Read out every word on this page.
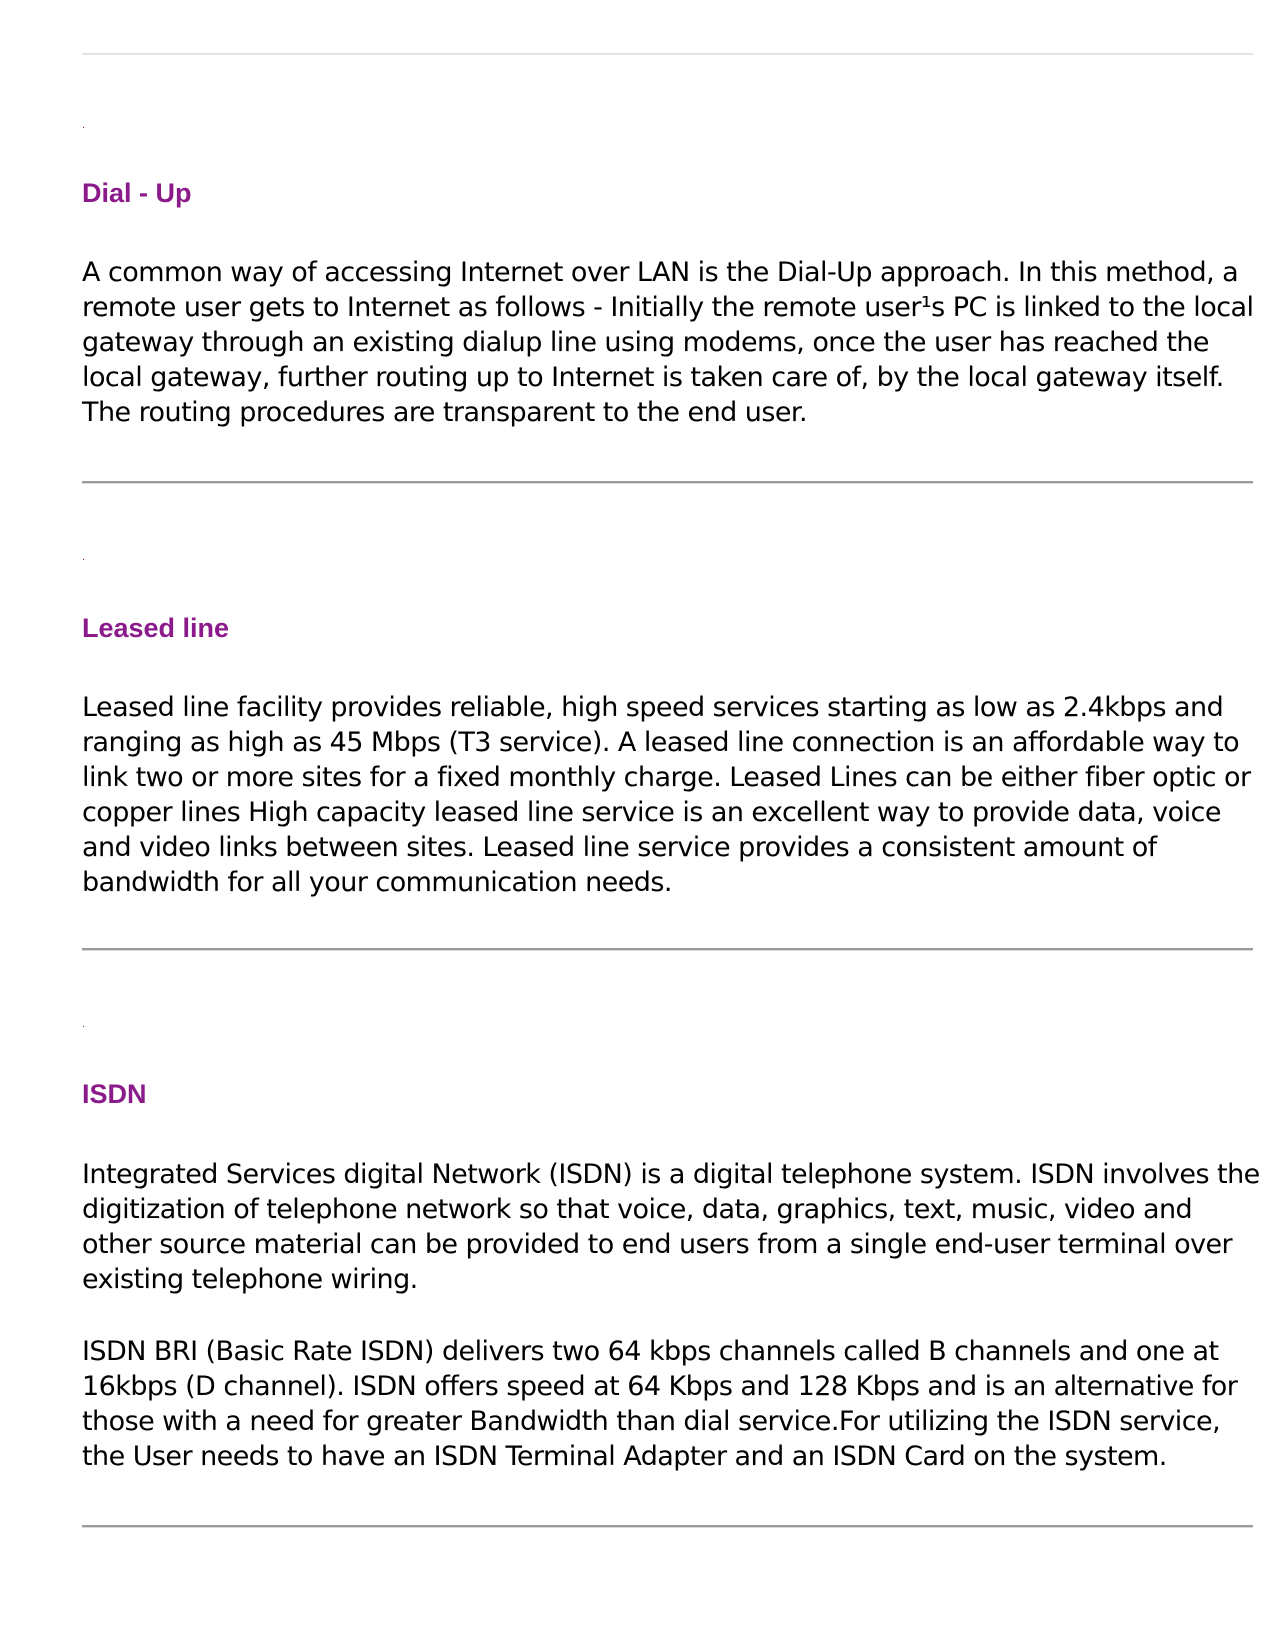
.
Dial - Up

A common way of accessing Internet over LAN is the Dial-Up approach. In this method, a remote user gets to Internet as follows - Initially the remote user¹s PC is linked to the local gateway through an existing dialup line using modems, once the user has reached the local gateway, further routing up to Internet is taken care of, by the local gateway itself. The routing procedures are transparent to the end user.

.
Leased line

Leased line facility provides reliable, high speed services starting as low as 2.4kbps and ranging as high as 45 Mbps (T3 service). A leased line connection is an affordable way to link two or more sites for a fixed monthly charge. Leased Lines can be either fiber optic or copper lines High capacity leased line service is an excellent way to provide data, voice and video links between sites. Leased line service provides a consistent amount of bandwidth for all your communication needs.

.
ISDN

Integrated Services digital Network (ISDN) is a digital telephone system. ISDN involves the digitization of telephone network so that voice, data, graphics, text, music, video and other source material can be provided to end users from a single end-user terminal over existing telephone wiring.

ISDN BRI (Basic Rate ISDN) delivers two 64 kbps channels called B channels and one at 16kbps (D channel). ISDN offers speed at 64 Kbps and 128 Kbps and is an alternative for those with a need for greater Bandwidth than dial service.For utilizing the ISDN service, the User needs to have an ISDN Terminal Adapter and an ISDN Card on the system.
